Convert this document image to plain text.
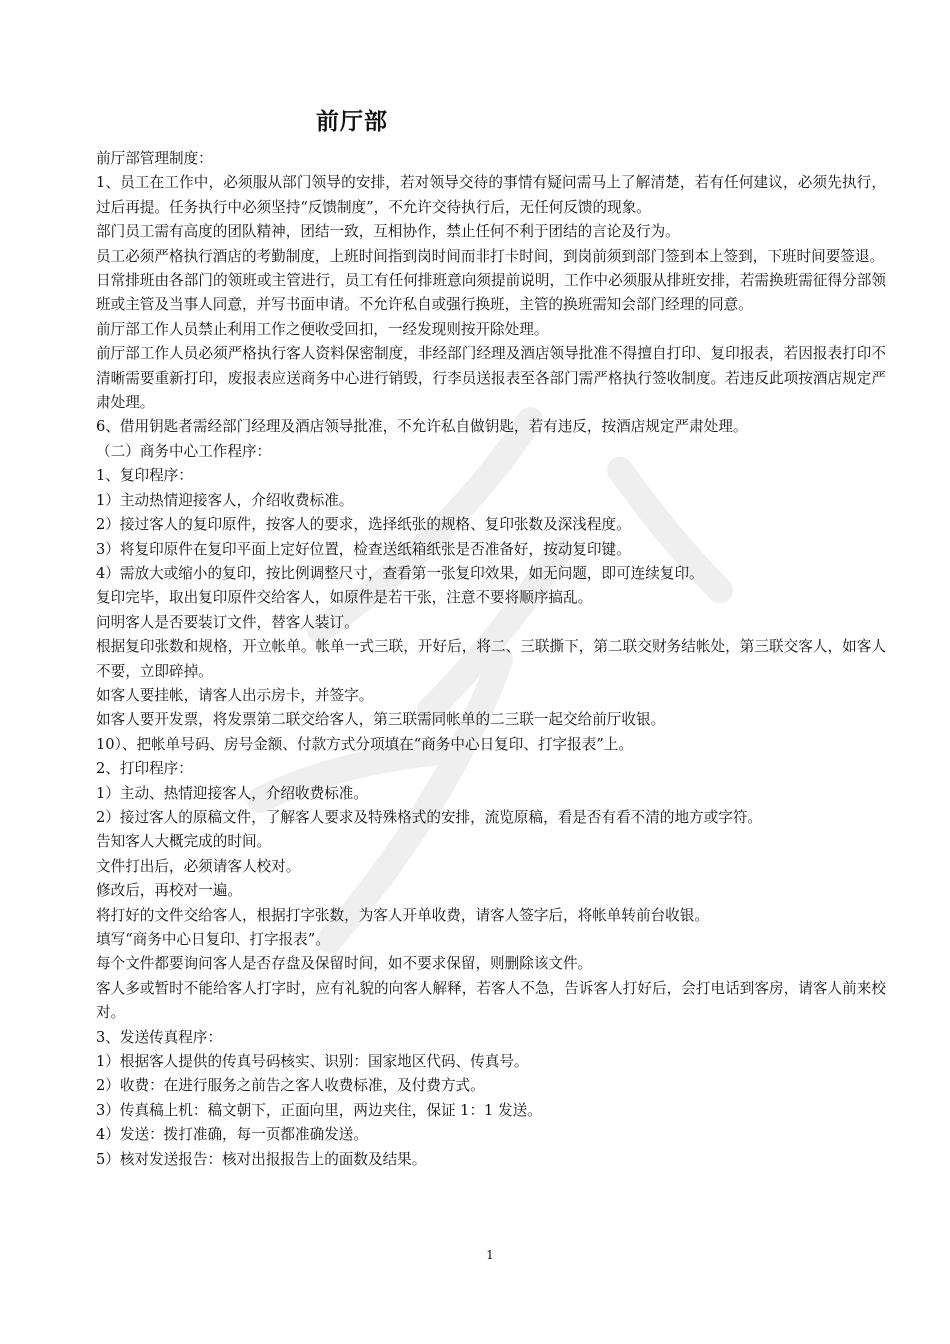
前厅部

前厅部管理制度：

1、员工在工作中，必须服从部门领导的安排，若对领导交待的事情有疑问需马上了解清楚，若有任何建议，必须先执行，过后再提。任务执行中必须坚持“反馈制度”，不允许交待执行后，无任何反馈的现象。

部门员工需有高度的团队精神，团结一致，互相协作，禁止任何不利于团结的言论及行为。

员工必须严格执行酒店的考勤制度，上班时间指到岗时间而非打卡时间，到岗前须到部门签到本上签到，下班时间要签退。

日常排班由各部门的领班或主管进行，员工有任何排班意向须提前说明，工作中必须服从排班安排，若需换班需征得分部领班或主管及当事人同意，并写书面申请。不允许私自或强行换班，主管的换班需知会部门经理的同意。

前厅部工作人员禁止利用工作之便收受回扣，一经发现则按开除处理。

前厅部工作人员必须严格执行客人资料保密制度，非经部门经理及酒店领导批准不得擅自打印、复印报表，若因报表打印不清晰需要重新打印，废报表应送商务中心进行销毁，行李员送报表至各部门需严格执行签收制度。若违反此项按酒店规定严肃处理。

6、借用钥匙者需经部门经理及酒店领导批准，不允许私自做钥匙，若有违反，按酒店规定严肃处理。

（二）商务中心工作程序：

1、复印程序：

1）主动热情迎接客人，介绍收费标准。

2）接过客人的复印原件，按客人的要求，选择纸张的规格、复印张数及深浅程度。

3）将复印原件在复印平面上定好位置，检查送纸箱纸张是否准备好，按动复印键。

4）需放大或缩小的复印，按比例调整尺寸，查看第一张复印效果，如无问题，即可连续复印。

复印完毕，取出复印原件交给客人，如原件是若干张，注意不要将顺序搞乱。

问明客人是否要装订文件，替客人装订。

根据复印张数和规格，开立帐单。帐单一式三联，开好后，将二、三联撕下，第二联交财务结帐处，第三联交客人，如客人不要，立即碎掉。

如客人要挂帐，请客人出示房卡，并签字。

如客人要开发票，将发票第二联交给客人，第三联需同帐单的二三联一起交给前厅收银。

10）、把帐单号码、房号金额、付款方式分项填在“商务中心日复印、打字报表”上。

2、打印程序：

1）主动、热情迎接客人，介绍收费标准。

2）接过客人的原稿文件，了解客人要求及特殊格式的安排，流览原稿，看是否有看不清的地方或字符。

告知客人大概完成的时间。

文件打出后，必须请客人校对。

修改后，再校对一遍。

将打好的文件交给客人，根据打字张数，为客人开单收费，请客人签字后，将帐单转前台收银。

填写“商务中心日复印、打字报表”。

每个文件都要询问客人是否存盘及保留时间，如不要求保留，则删除该文件。

客人多或暂时不能给客人打字时，应有礼貌的向客人解释，若客人不急，告诉客人打好后，会打电话到客房，请客人前来校对。

3、发送传真程序：

1）根据客人提供的传真号码核实、识别：国家地区代码、传真号。

2）收费：在进行服务之前告之客人收费标准，及付费方式。

3）传真稿上机：稿文朝下，正面向里，两边夹住，保证 1：1 发送。

4）发送：拨打准确，每一页都准确发送。

5）核对发送报告：核对出报报告上的面数及结果。

1
